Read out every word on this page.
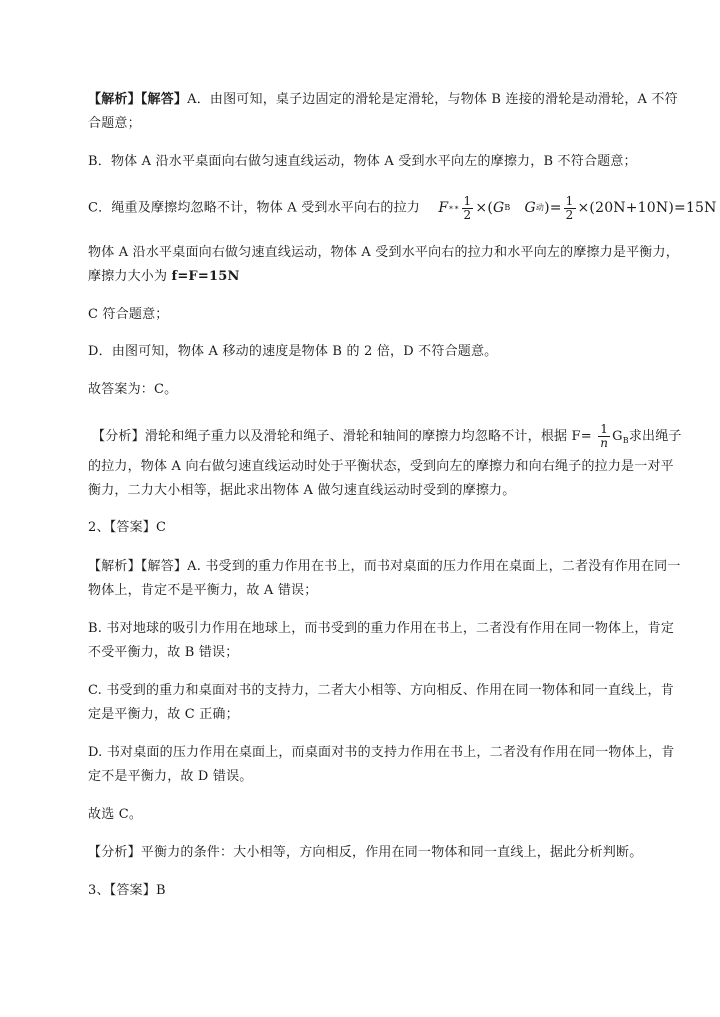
【解析】【解答】A．由图可知，桌子边固定的滑轮是定滑轮，与物体 B 连接的滑轮是动滑轮，A 不符
合题意；
B．物体 A 沿水平桌面向右做匀速直线运动，物体 A 受到水平向左的摩擦力，B 不符合题意；
C．绳重及摩擦均忽略不计，物体 A 受到水平向右的拉力 F ∗∗ $\frac{1}{2}$ ×( G B G 动 )= $\frac{1}{2} \times(20N+10N)=15N$
物体 A 沿水平桌面向右做匀速直线运动，物体 A 受到水平向右的拉力和水平向左的摩擦力是平衡力，
摩擦力大小为 f=F=15N
C 符合题意；
D．由图可知，物体 A 移动的速度是物体 B 的 2 倍，D 不符合题意。
故答案为：C。
【分析】滑轮和绳子重力以及滑轮和绳子、滑轮和轴间的摩擦力均忽略不计，根据 $F= \frac{1}{n} G_B$求出绳子
的拉力，物体 A 向右做匀速直线运动时处于平衡状态，受到向左的摩擦力和向右绳子的拉力是一对平
衡力，二力大小相等，据此求出物体 A 做匀速直线运动时受到的摩擦力。
2、【答案】C
【解析】【解答】A. 书受到的重力作用在书上，而书对桌面的压力作用在桌面上，二者没有作用在同一
物体上，肯定不是平衡力，故 A 错误；
B. 书对地球的吸引力作用在地球上，而书受到的重力作用在书上，二者没有作用在同一物体上，肯定
不受平衡力，故 B 错误；
C. 书受到的重力和桌面对书的支持力，二者大小相等、方向相反、作用在同一物体和同一直线上，肯
定是平衡力，故 C 正确；
D. 书对桌面的压力作用在桌面上，而桌面对书的支持力作用在书上，二者没有作用在同一物体上，肯
定不是平衡力，故 D 错误。
故选 C。
【分析】平衡力的条件：大小相等，方向相反，作用在同一物体和同一直线上，据此分析判断。
3、【答案】B
